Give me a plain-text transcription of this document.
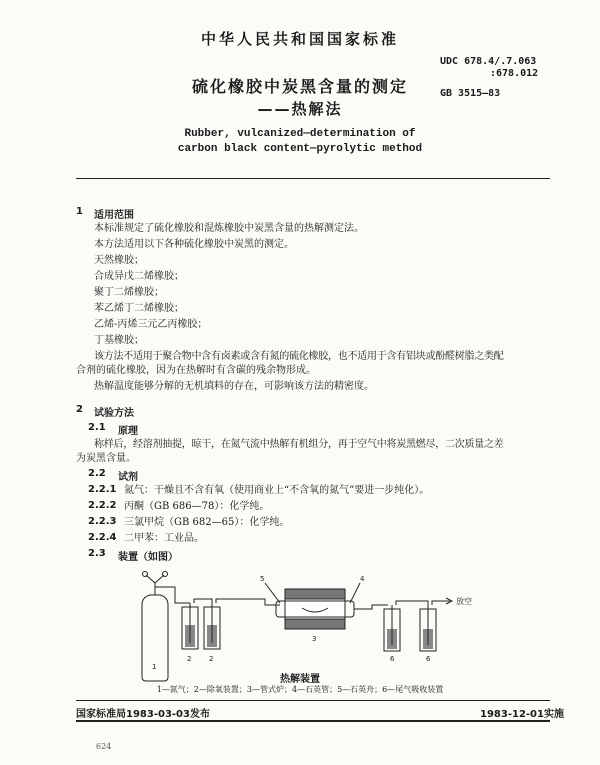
中华人民共和国国家标准
UDC 678.4/.7.063
:678.012
GB 3515—83
硫化橡胶中炭黑含量的测定
——热解法
Rubber, vulcanized—determination of
carbon black content—pyrolytic method
1 适用范围
本标准规定了硫化橡胶和混炼橡胶中炭黑含量的热解测定法。
本方法适用以下各种硫化橡胶中炭黑的测定。
天然橡胶；
合成异戊二烯橡胶；
聚丁二烯橡胶；
苯乙烯丁二烯橡胶；
乙烯-丙烯三元乙丙橡胶；
丁基橡胶；
该方法不适用于聚合物中含有卤素或含有氮的硫化橡胶，也不适用于含有铝块或酚醛树脂之类配
合剂的硫化橡胶，因为在热解时有含碳的残余物形成。
热解温度能够分解的无机填料的存在，可影响该方法的精密度。
2 试验方法
2.1 原理
称样后，经溶剂抽提，晾干，在氮气流中热解有机组分，再于空气中将炭黑燃尽，二次质量之差
为炭黑含量。
2.2 试剂
2.2.1 氮气：干燥且不含有氧（使用商业上“不含氧的氮气”要进一步纯化）。
2.2.2 丙酮（GB 686—78）：化学纯。
2.2.3 三氯甲烷（GB 682—65）：化学纯。
2.2.4 二甲苯：工业品。
2.3 装置（如图）
放空
1
2	2
3
4
5
6	6
热解装置
1—氮气；2—除氧装置；3—管式炉；4—石英管；5—石英舟；6—尾气吸收装置
国家标准局1983-03-03发布	1983-12-01实施
624
